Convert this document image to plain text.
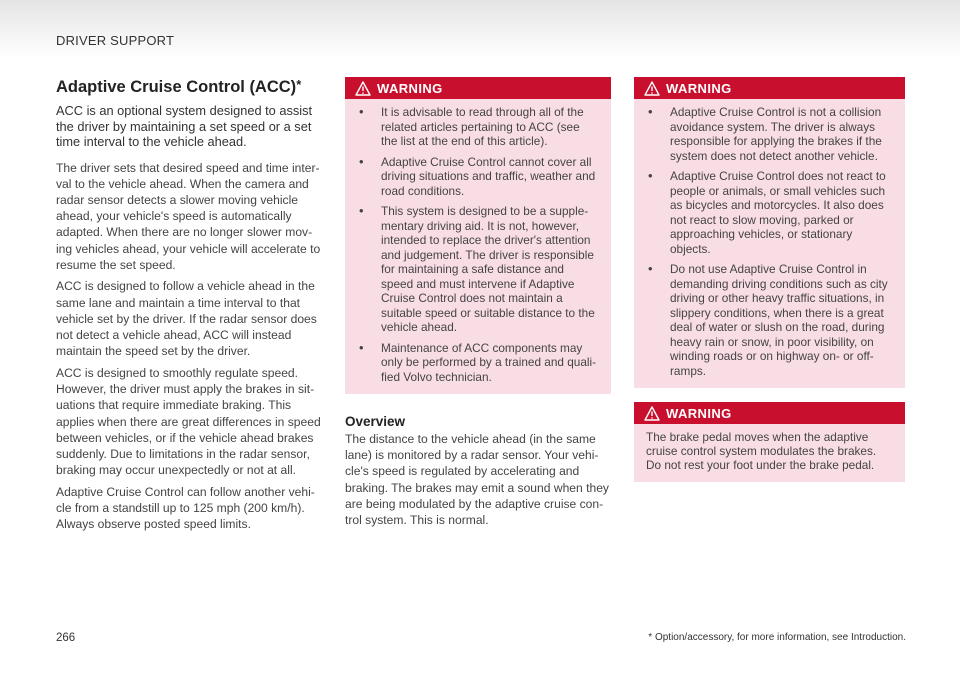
DRIVER SUPPORT
Adaptive Cruise Control (ACC)*

ACC is an optional system designed to assist the driver by maintaining a set speed or a set time interval to the vehicle ahead.

The driver sets that desired speed and time inter-val to the vehicle ahead. When the camera and radar sensor detects a slower moving vehicle ahead, your vehicle's speed is automatically adapted. When there are no longer slower mov-ing vehicles ahead, your vehicle will accelerate to resume the set speed.

ACC is designed to follow a vehicle ahead in the same lane and maintain a time interval to that vehicle set by the driver. If the radar sensor does not detect a vehicle ahead, ACC will instead maintain the speed set by the driver.

ACC is designed to smoothly regulate speed. However, the driver must apply the brakes in sit-uations that require immediate braking. This applies when there are great differences in speed between vehicles, or if the vehicle ahead brakes suddenly. Due to limitations in the radar sensor, braking may occur unexpectedly or not at all.

Adaptive Cruise Control can follow another vehi-cle from a standstill up to 125 mph (200 km/h). Always observe posted speed limits.

WARNING
• It is advisable to read through all of the related articles pertaining to ACC (see the list at the end of this article).
• Adaptive Cruise Control cannot cover all driving situations and traffic, weather and road conditions.
• This system is designed to be a supple-mentary driving aid. It is not, however, intended to replace the driver's attention and judgement. The driver is responsible for maintaining a safe distance and speed and must intervene if Adaptive Cruise Control does not maintain a suitable speed or suitable distance to the vehicle ahead.
• Maintenance of ACC components may only be performed by a trained and quali-fied Volvo technician.
Overview

The distance to the vehicle ahead (in the same lane) is monitored by a radar sensor. Your vehi-cle's speed is regulated by accelerating and braking. The brakes may emit a sound when they are being modulated by the adaptive cruise con-trol system. This is normal.

WARNING
• Adaptive Cruise Control is not a collision avoidance system. The driver is always responsible for applying the brakes if the system does not detect another vehicle.
• Adaptive Cruise Control does not react to people or animals, or small vehicles such as bicycles and motorcycles. It also does not react to slow moving, parked or approaching vehicles, or stationary objects.
• Do not use Adaptive Cruise Control in demanding driving conditions such as city driving or other heavy traffic situations, in slippery conditions, when there is a great deal of water or slush on the road, during heavy rain or snow, in poor visibility, on winding roads or on highway on- or off-ramps.
WARNING

The brake pedal moves when the adaptive cruise control system modulates the brakes. Do not rest your foot under the brake pedal.

266	* Option/accessory, for more information, see Introduction.
